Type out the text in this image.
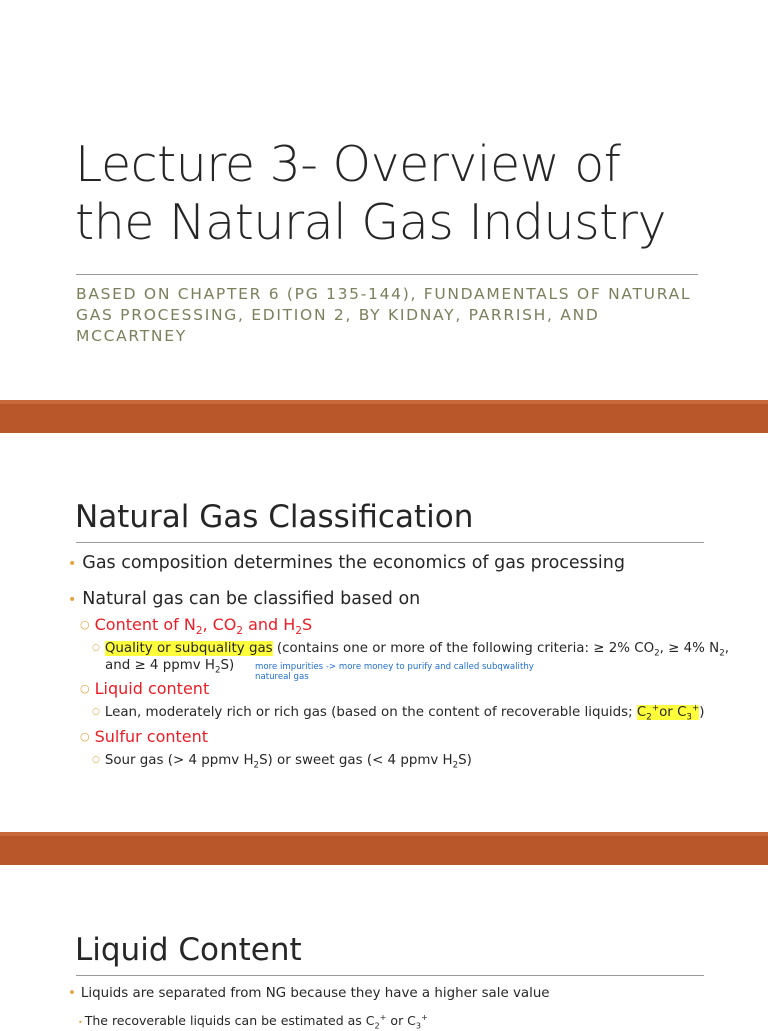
Lecture 3- Overview of
the Natural Gas Industry
BASED ON CHAPTER 6 (PG 135-144), FUNDAMENTALS OF NATURAL
GAS PROCESSING, EDITION 2, BY KIDNAY, PARRISH, AND
MCCARTNEY
Natural Gas Classification
• Gas composition determines the economics of gas processing
• Natural gas can be classified based on
○ Content of $N_2$, $CO_2$ and $H_2S$
○ Quality or subquality gas (contains one or more of the following criteria: ≥ 2% $CO_2$, ≥ 4% $N_2$,
and ≥ 4 ppmv $H_2S$) more impurities -> more money to purify and called subqwalithy
natureal gas
○ Liquid content
○ Lean, moderately rich or rich gas (based on the content of recoverable liquids; $C_2^+or$ $C_3^+$)
○ Sulfur content
○ Sour gas (> 4 ppmv $H_2S$) or sweet gas (< 4 ppmv $H_2S$)
Liquid Content
• Liquids are separated from NG because they have a higher sale value
• The recoverable liquids can be estimated as $C_2^+$ or $C_3^+$
